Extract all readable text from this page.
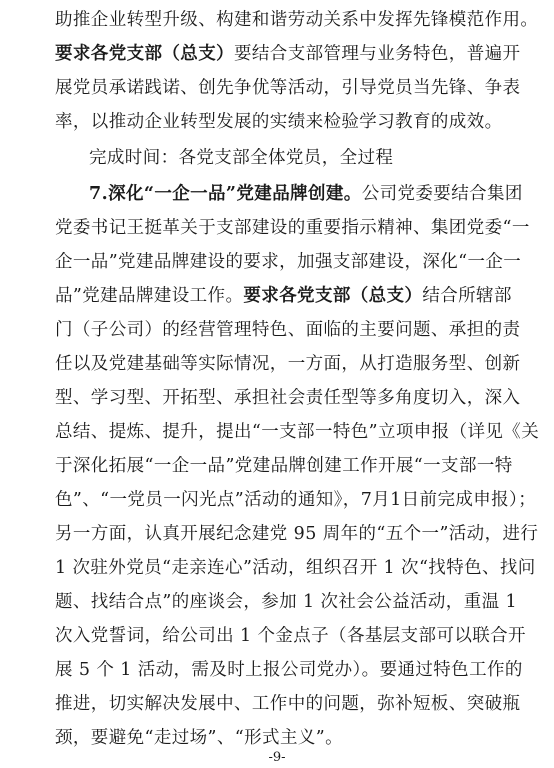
助推企业转型升级、构建和谐劳动关系中发挥先锋模范作用。
要求各党支部（总支）要结合支部管理与业务特色，普遍开
展党员承诺践诺、创先争优等活动，引导党员当先锋、争表
率，以推动企业转型发展的实绩来检验学习教育的成效。
完成时间：各党支部全体党员，全过程
7.深化“一企一品”党建品牌创建。公司党委要结合集团
党委书记王挺革关于支部建设的重要指示精神、集团党委“一
企一品”党建品牌建设的要求，加强支部建设，深化“一企一
品”党建品牌建设工作。要求各党支部（总支）结合所辖部
门（子公司）的经营管理特色、面临的主要问题、承担的责
任以及党建基础等实际情况，一方面，从打造服务型、创新
型、学习型、开拓型、承担社会责任型等多角度切入，深入
总结、提炼、提升，提出“一支部一特色”立项申报（详见《关
于深化拓展“一企一品”党建品牌创建工作开展“一支部一特
色”、“一党员一闪光点”活动的通知》，7月1日前完成申报）；
另一方面，认真开展纪念建党 95 周年的“五个一”活动，进行
1 次驻外党员“走亲连心”活动，组织召开 1 次“找特色、找问
题、找结合点”的座谈会，参加 1 次社会公益活动，重温 1
次入党誓词，给公司出 1 个金点子（各基层支部可以联合开
展 5 个 1 活动，需及时上报公司党办）。要通过特色工作的
推进，切实解决发展中、工作中的问题，弥补短板、突破瓶
颈，要避免“走过场”、“形式主义”。
-9-
